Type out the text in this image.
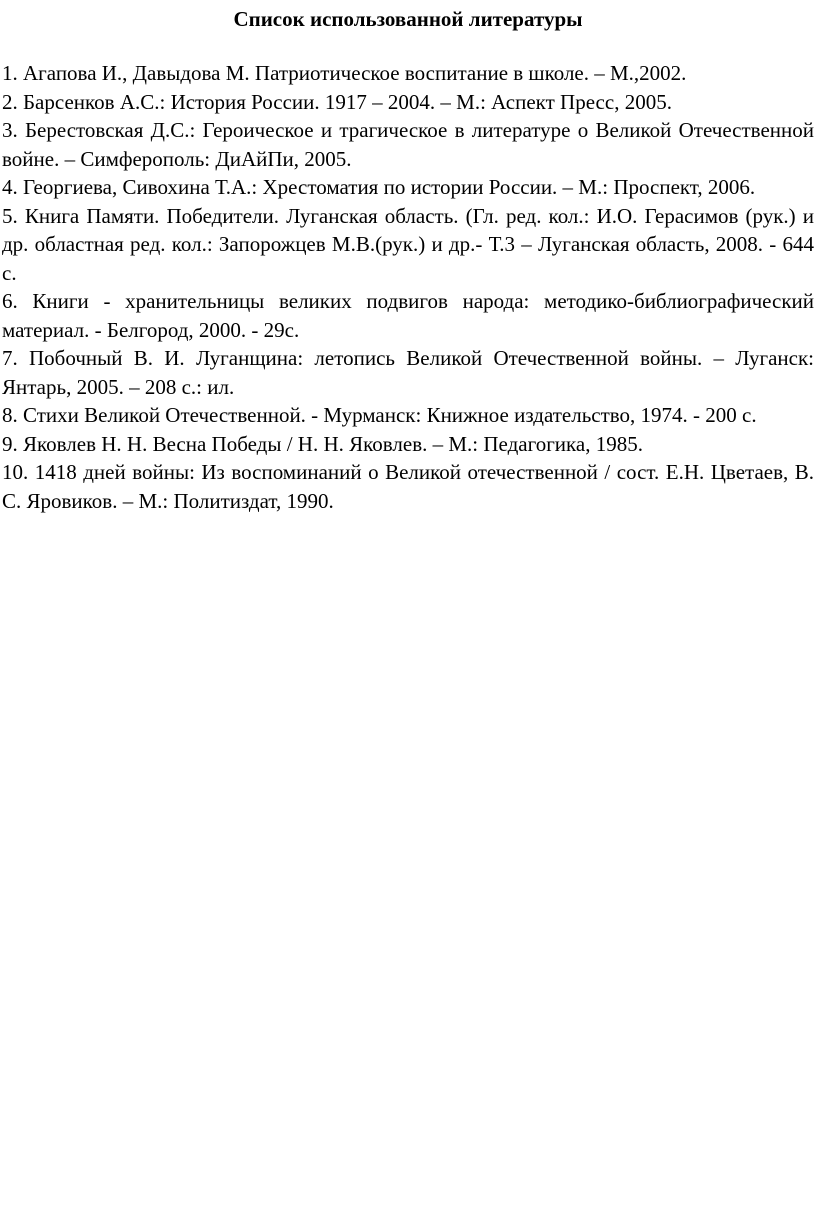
Список использованной литературы
1. Агапова И., Давыдова М. Патриотическое воспитание в школе. – М.,2002.
2. Барсенков А.С.: История России. 1917 – 2004. – М.: Аспект Пресс, 2005.
3. Берестовская Д.С.: Героическое и трагическое в литературе о Великой Отечественной войне. – Симферополь: ДиАйПи, 2005.
4. Георгиева, Сивохина Т.А.: Хрестоматия по истории России. – М.: Проспект, 2006.
5. Книга Памяти. Победители. Луганская область. (Гл. ред. кол.: И.О. Герасимов (рук.) и др. областная ред. кол.: Запорожцев М.В.(рук.) и др.- Т.3 – Луганская область, 2008. - 644 с.
6. Книги - хранительницы великих подвигов народа: методико-библиографический материал. - Белгород, 2000. - 29с.
7. Побочный В. И. Луганщина: летопись Великой Отечественной войны. – Луганск: Янтарь, 2005. – 208 с.: ил.
8. Стихи Великой Отечественной. - Мурманск: Книжное издательство, 1974. - 200 с.
9. Яковлев Н. Н. Весна Победы / Н. Н. Яковлев. – М.: Педагогика, 1985.
10. 1418 дней войны: Из воспоминаний о Великой отечественной / сост. Е.Н. Цветаев, В. С. Яровиков. – М.: Политиздат, 1990.
